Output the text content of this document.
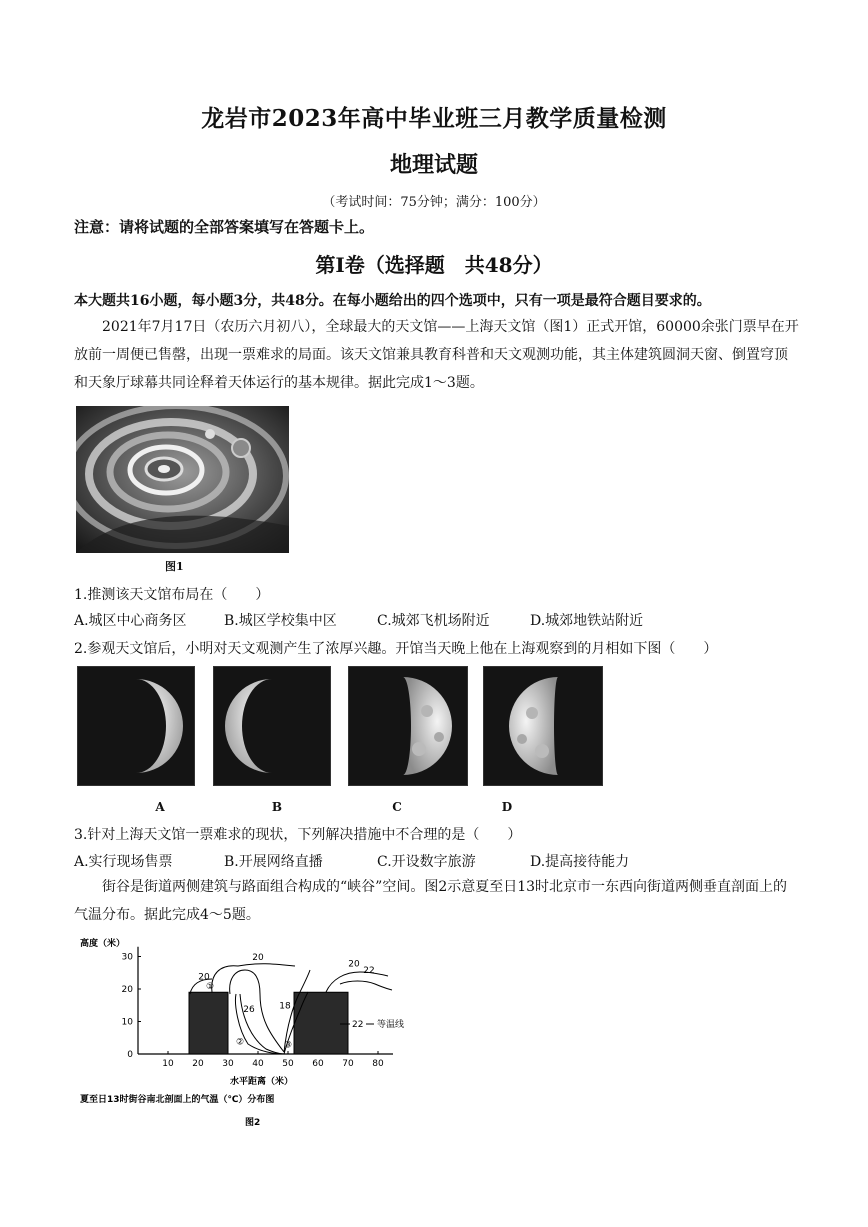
龙岩市2023年高中毕业班三月教学质量检测
地理试题
（考试时间：75分钟；满分：100分）
注意：请将试题的全部答案填写在答题卡上。
第Ⅰ卷（选择题　共48分）
本大题共16小题，每小题3分，共48分。在每小题给出的四个选项中，只有一项是最符合题目要求的。
2021年7月17日（农历六月初八），全球最大的天文馆——上海天文馆（图1）正式开馆，60000余张门票早在开放前一周便已售罄，出现一票难求的局面。该天文馆兼具教育科普和天文观测功能，其主体建筑圆洞天窗、倒置穹顶和天象厅球幕共同诠释着天体运行的基本规律。据此完成1～3题。
图1
1.推测该天文馆布局在（　　）
A.城区中心商务区	B.城区学校集中区	C.城郊飞机场附近	D.城郊地铁站附近
2.参观天文馆后，小明对天文观测产生了浓厚兴趣。开馆当天晚上他在上海观察到的月相如下图（　　）
A	B	C	D
3.针对上海天文馆一票难求的现状，下列解决措施中不合理的是（　　）
A.实行现场售票	B.开展网络直播	C.开设数字旅游	D.提高接待能力
街谷是街道两侧建筑与路面组合构成的“峡谷”空间。图2示意夏至日13时北京市一东西向街道两侧垂直剖面上的气温分布。据此完成4～5题。
高度（米）
0
10
20
30
10 20 30 40 50 60 70 80
20
20
20
22
18
26
①
②	③
22 等温线
水平距离（米）
夏至日13时街谷南北剖面上的气温（℃）分布图
图2
